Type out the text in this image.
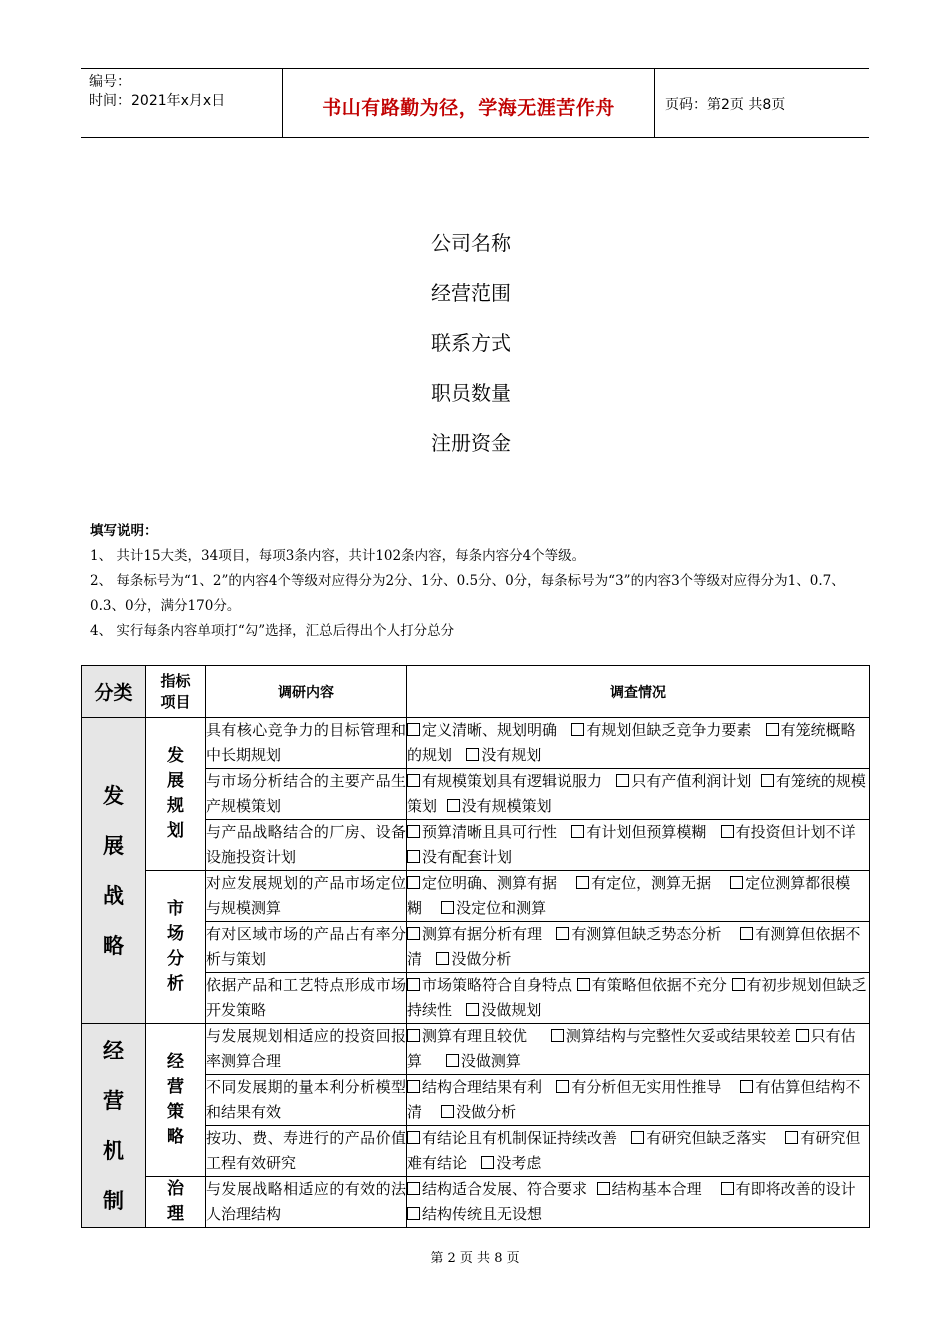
编号：
时间：2021年x月x日	书山有路勤为径，学海无涯苦作舟	页码：第2页 共8页
公司名称
经营范围
联系方式
职员数量
注册资金
填写说明：
1、 共计15大类，34项目，每项3条内容，共计102条内容，每条内容分4个等级。
2、 每条标号为“1、2”的内容4个等级对应得分为2分、1分、0.5分、0分，每条标号为“3”的内容3个等级对应得分为1、0.7、0.3、0分，满分170分。
4、 实行每条内容单项打“勾”选择，汇总后得出个人打分总分
分类	指标项目	调研内容	调查情况
发展战略	发展规划	具有核心竞争力的目标管理和中长期规划	定义清晰、规划明确 有规划但缺乏竞争力要素 有笼统概略的规划 没有规划
		与市场分析结合的主要产品生产规模策划	有规模策划具有逻辑说服力 只有产值利润计划 有笼统的规模策划 没有规模策划
		与产品战略结合的厂房、设备设施投资计划	预算清晰且具可行性 有计划但预算模糊 有投资但计划不详  没有配套计划
	市场分析	对应发展规划的产品市场定位与规模测算	定位明确、测算有据 有定位，测算无据 定位测算都很模糊 没定位和测算
		有对区域市场的产品占有率分析与策划	测算有据分析有理 有测算但缺乏势态分析 有测算但依据不清 没做分析
		依据产品和工艺特点形成市场开发策略	市场策略符合自身特点 有策略但依据不充分 有初步规划但缺乏持续性 没做规划
经营机制	经营策略	与发展规划相适应的投资回报率测算合理	测算有理且较优 测算结构与完整性欠妥或结果较差 只有估算 没做测算
		不同发展期的量本利分析模型和结果有效	结构合理结果有利 有分析但无实用性推导 有估算但结构不清 没做分析
		按功、费、寿进行的产品价值工程有效研究	有结论且有机制保证持续改善 有研究但缺乏落实 有研究但难有结论 没考虑
	治理	与发展战略相适应的有效的法人治理结构	结构适合发展、符合要求 结构基本合理 有即将改善的设计   结构传统且无设想
第 2 页 共 8 页
